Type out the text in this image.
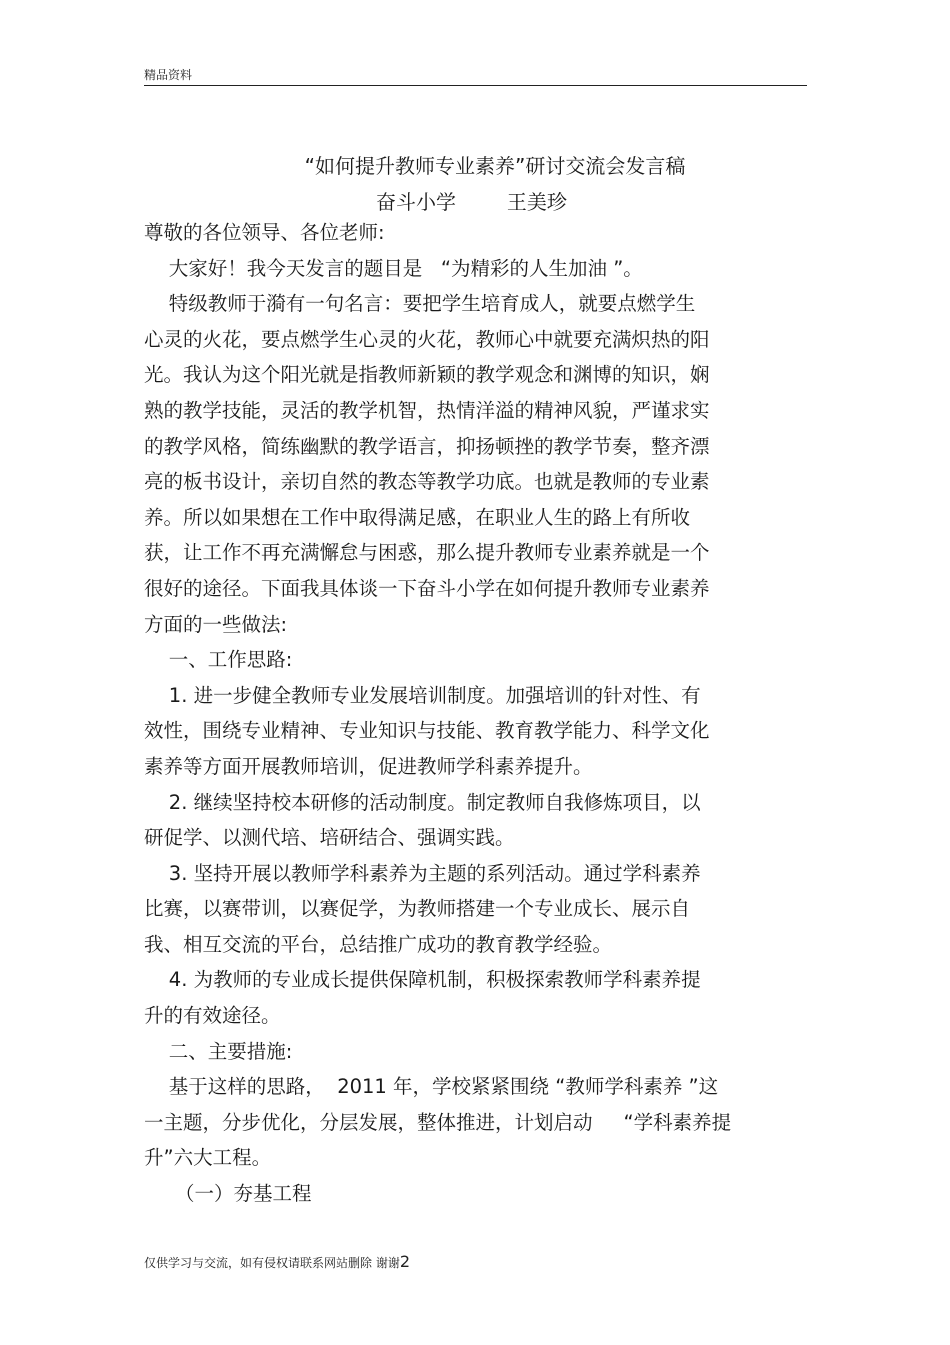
精品资料
“如何提升教师专业素养”研讨交流会发言稿
奋斗小学	王美珍
尊敬的各位领导、各位老师:
大家好！我今天发言的题目是   “为精彩的人生加油 ”。
特级教师于漪有一句名言：要把学生培育成人，就要点燃学生
心灵的火花，要点燃学生心灵的火花，教师心中就要充满炽热的阳
光。我认为这个阳光就是指教师新颖的教学观念和渊博的知识，娴
熟的教学技能，灵活的教学机智，热情洋溢的精神风貌，严谨求实
的教学风格，简练幽默的教学语言，抑扬顿挫的教学节奏，整齐漂
亮的板书设计，亲切自然的教态等教学功底。也就是教师的专业素
养。所以如果想在工作中取得满足感，在职业人生的路上有所收
获，让工作不再充满懈怠与困惑，那么提升教师专业素养就是一个
很好的途径。下面我具体谈一下奋斗小学在如何提升教师专业素养
方面的一些做法:
一、工作思路:
1. 进一步健全教师专业发展培训制度。加强培训的针对性、有
效性，围绕专业精神、专业知识与技能、教育教学能力、科学文化
素养等方面开展教师培训，促进教师学科素养提升。
2. 继续坚持校本研修的活动制度。制定教师自我修炼项目，以
研促学、以测代培、培研结合、强调实践。
3. 坚持开展以教师学科素养为主题的系列活动。通过学科素养
比赛，以赛带训，以赛促学，为教师搭建一个专业成长、展示自
我、相互交流的平台，总结推广成功的教育教学经验。
4. 为教师的专业成长提供保障机制，积极探索教师学科素养提
升的有效途径。
二、主要措施:
基于这样的思路，  2011 年，学校紧紧围绕 “教师学科素养 ”这
一主题，分步优化，分层发展，整体推进，计划启动     “学科素养提
升”六大工程。
（一）夯基工程
仅供学习与交流，如有侵权请联系网站删除 谢谢2
